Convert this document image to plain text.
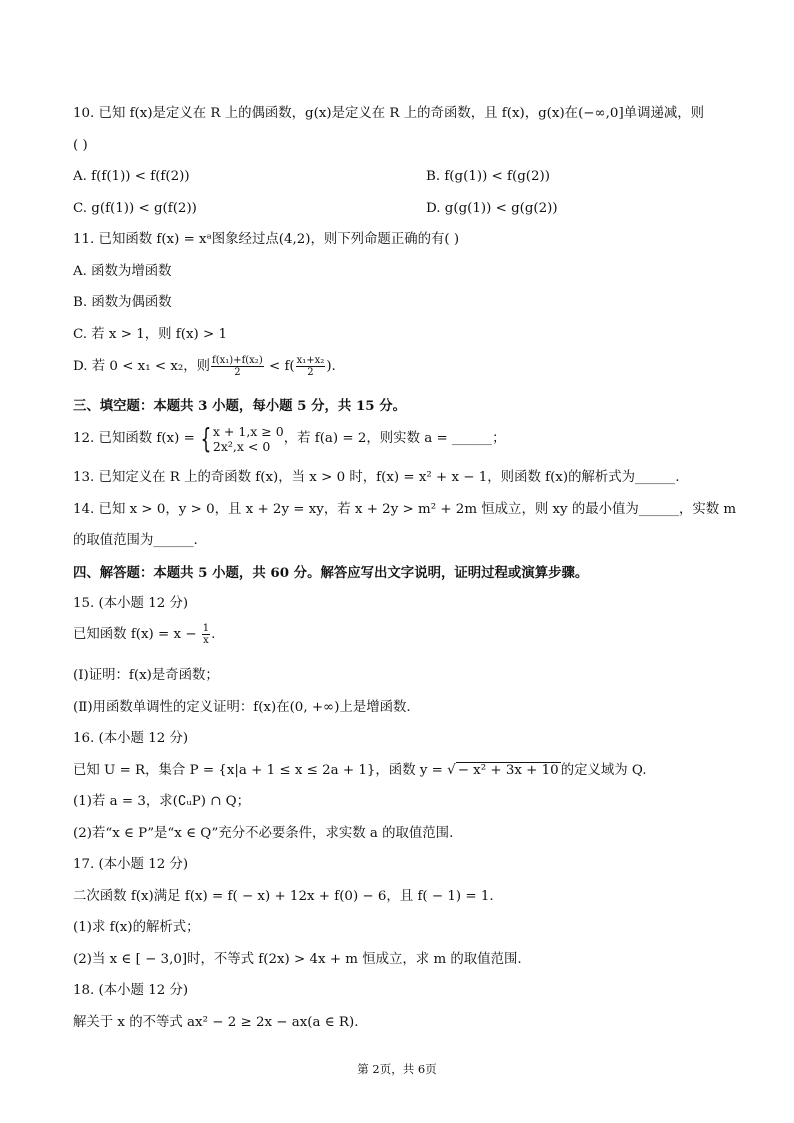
10. 已知 f(x)是定义在 R 上的偶函数，g(x)是定义在 R 上的奇函数，且 f(x)，g(x)在(−∞,0]单调递减，则
( )
A. f(f(1)) < f(f(2))	B. f(g(1)) < f(g(2))
C. g(f(1)) < g(f(2))	D. g(g(1)) < g(g(2))
11. 已知函数 f(x) = xᵃ图象经过点(4,2)，则下列命题正确的有( )
A. 函数为增函数
B. 函数为偶函数
C. 若 x > 1，则 f(x) > 1
D. 若 0 < x₁ < x₂，则 $\frac{\text{f(x₁)+f(x₂)}}{2} < f( \frac{\text{x₁+x₂}}{2}$ ).
三、填空题：本题共 3 小题，每小题 5 分，共 15 分。
12. 已知函数 f(x) = { x + 1,x ≥ 0
2x²,x < 0	，若 f(a) = 2，则实数 a = ______；
13. 已知定义在 R 上的奇函数 f(x)，当 x > 0 时，f(x) = x² + x − 1，则函数 f(x)的解析式为______.
14. 已知 x > 0，y > 0，且 x + 2y = xy，若 x + 2y > m² + 2m 恒成立，则 xy 的最小值为______，实数 m
的取值范围为______.
四、解答题：本题共 5 小题，共 60 分。解答应写出文字说明，证明过程或演算步骤。
15. (本小题 12 分)
已知函数 $f(x) = x - \frac{1}{x}$ .
(Ⅰ)证明：f(x)是奇函数；
(Ⅱ)用函数单调性的定义证明：f(x)在(0, +∞)上是增函数.
16. (本小题 12 分)
已知 U = R，集合 P = {x|a + 1 ≤ x ≤ 2a + 1}，函数 y = √ − x² + 3x + 10 的定义域为 Q.
(1)若 a = 3，求(∁ᵤP) ∩ Q；
(2)若“x ∈ P”是“x ∈ Q”充分不必要条件，求实数 a 的取值范围.
17. (本小题 12 分)
二次函数 f(x)满足 f(x) = f( − x) + 12x + f(0) − 6，且 f( − 1) = 1.
(1)求 f(x)的解析式；
(2)当 x ∈ [ − 3,0]时，不等式 f(2x) > 4x + m 恒成立，求 m 的取值范围.
18. (本小题 12 分)
解关于 x 的不等式 ax² − 2 ≥ 2x − ax(a ∈ R).
第 2页，共 6页
